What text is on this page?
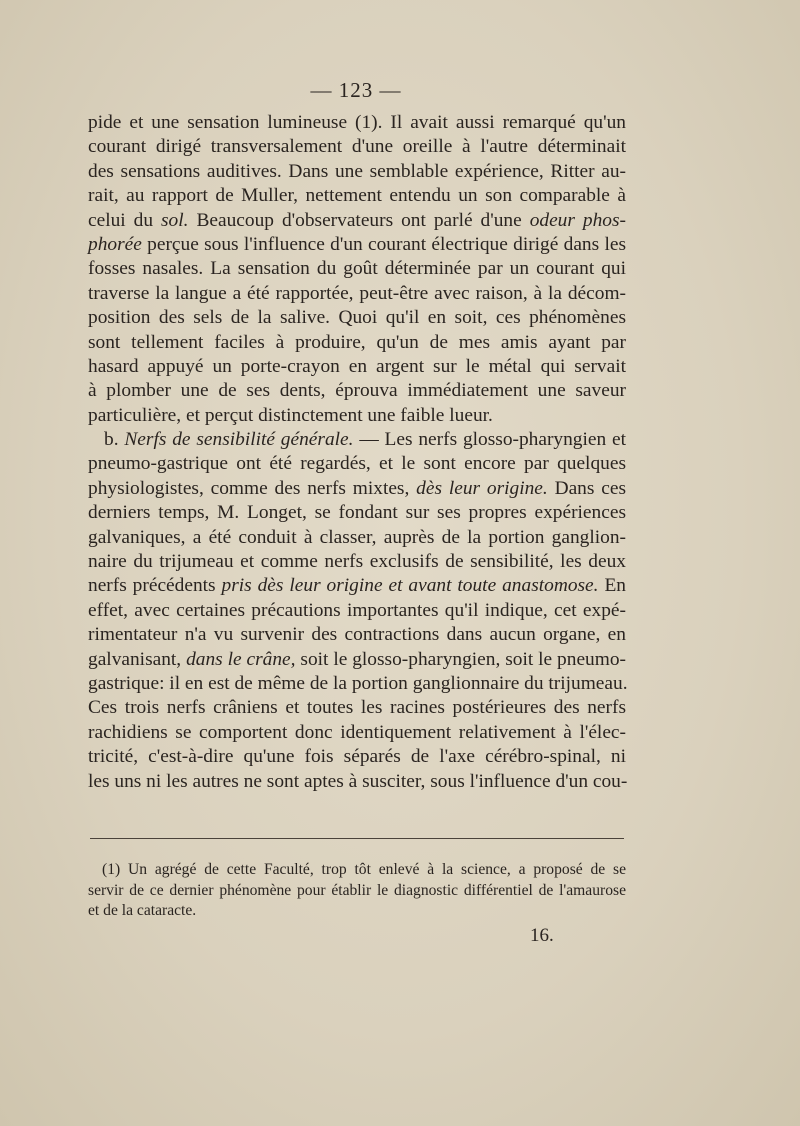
— 123 —
pide et une sensation lumineuse (1). Il avait aussi remarqué qu'un
courant dirigé transversalement d'une oreille à l'autre déterminait
des sensations auditives. Dans une semblable expérience, Ritter au-
rait, au rapport de Muller, nettement entendu un son comparable à
celui du sol. Beaucoup d'observateurs ont parlé d'une odeur phos-
phorée perçue sous l'influence d'un courant électrique dirigé dans les
fosses nasales. La sensation du goût déterminée par un courant qui
traverse la langue a été rapportée, peut-être avec raison, à la décom-
position des sels de la salive. Quoi qu'il en soit, ces phénomènes
sont tellement faciles à produire, qu'un de mes amis ayant par
hasard appuyé un porte-crayon en argent sur le métal qui servait
à plomber une de ses dents, éprouva immédiatement une saveur
particulière, et perçut distinctement une faible lueur.
b. Nerfs de sensibilité générale. — Les nerfs glosso-pharyngien et
pneumo-gastrique ont été regardés, et le sont encore par quelques
physiologistes, comme des nerfs mixtes, dès leur origine. Dans ces
derniers temps, M. Longet, se fondant sur ses propres expériences
galvaniques, a été conduit à classer, auprès de la portion ganglion-
naire du trijumeau et comme nerfs exclusifs de sensibilité, les deux
nerfs précédents pris dès leur origine et avant toute anastomose. En
effet, avec certaines précautions importantes qu'il indique, cet expé-
rimentateur n'a vu survenir des contractions dans aucun organe, en
galvanisant, dans le crâne, soit le glosso-pharyngien, soit le pneumo-
gastrique: il en est de même de la portion ganglionnaire du trijumeau.
Ces trois nerfs crâniens et toutes les racines postérieures des nerfs
rachidiens se comportent donc identiquement relativement à l'élec-
tricité, c'est-à-dire qu'une fois séparés de l'axe cérébro-spinal, ni
les uns ni les autres ne sont aptes à susciter, sous l'influence d'un cou-
(1) Un agrégé de cette Faculté, trop tôt enlevé à la science, a proposé de se
servir de ce dernier phénomène pour établir le diagnostic différentiel de l'amaurose
et de la cataracte.
16.
